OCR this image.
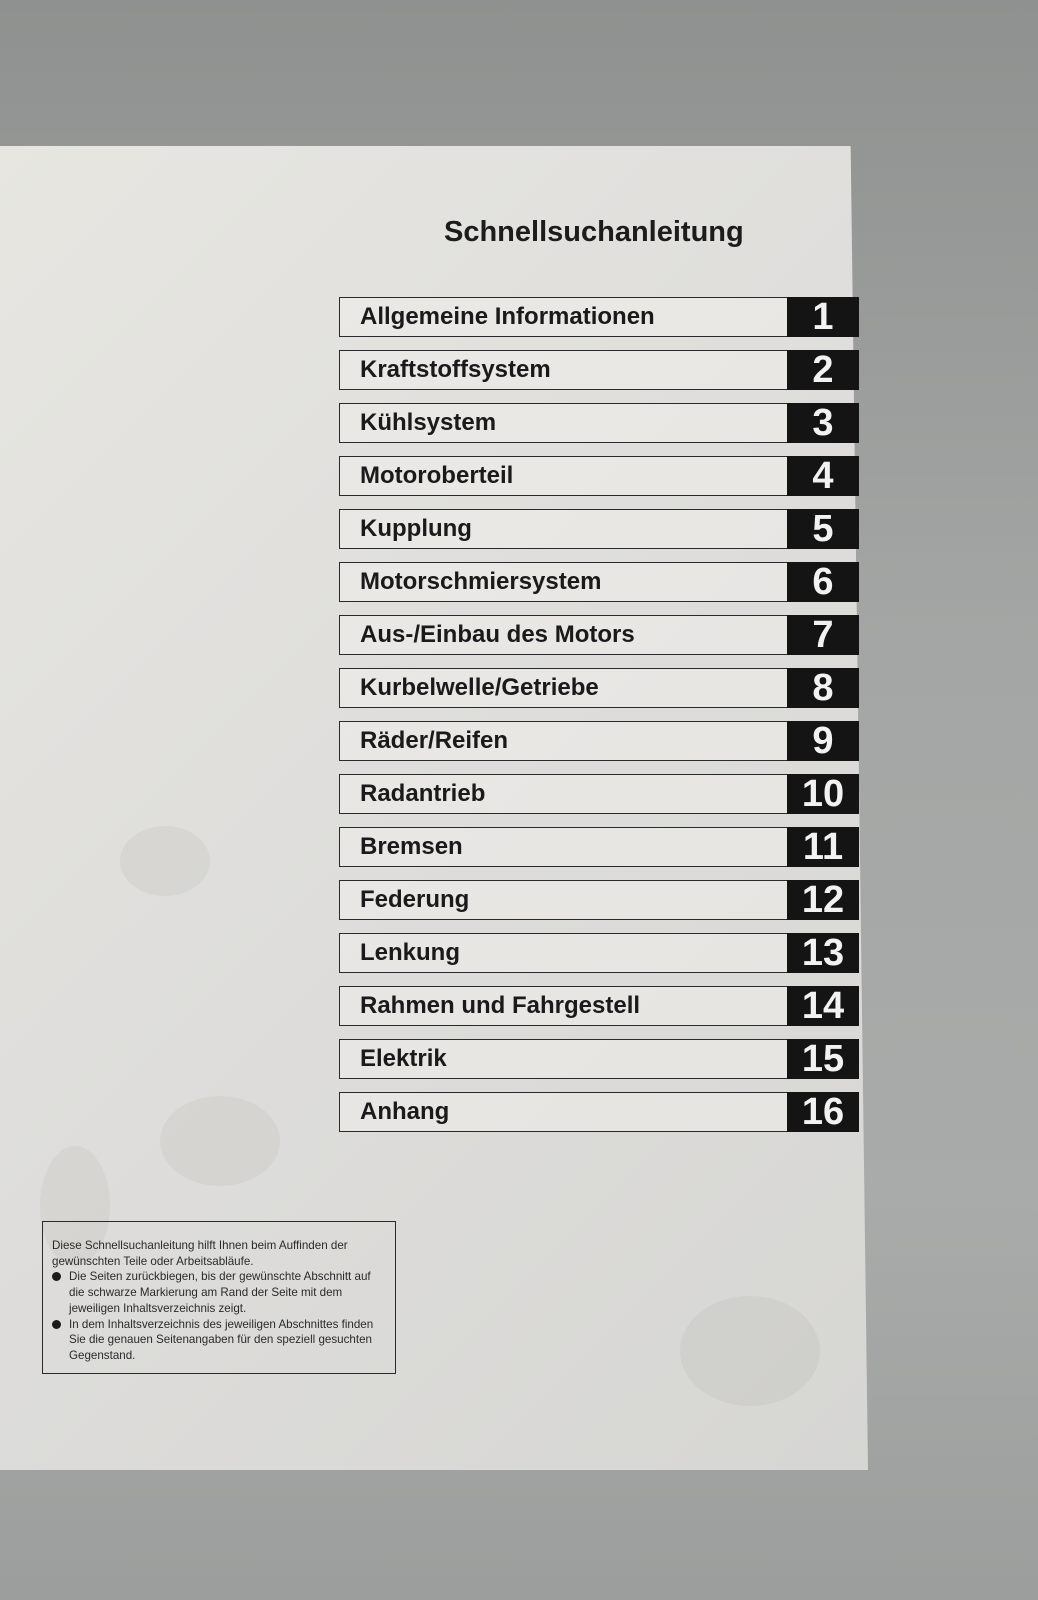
Schnellsuchanleitung
Allgemeine Informationen	1
Kraftstoffsystem	2
Kühlsystem	3
Motoroberteil	4
Kupplung	5
Motorschmiersystem	6
Aus-/Einbau des Motors	7
Kurbelwelle/Getriebe	8
Räder/Reifen	9
Radantrieb	10
Bremsen	11
Federung	12
Lenkung	13
Rahmen und Fahrgestell	14
Elektrik	15
Anhang	16

Diese Schnellsuchanleitung hilft Ihnen beim Auffinden der gewünschten Teile oder Arbeitsabläufe.

Die Seiten zurückbiegen, bis der gewünschte Abschnitt auf die schwarze Markierung am Rand der Seite mit dem jeweiligen Inhaltsverzeichnis zeigt.

In dem Inhaltsverzeichnis des jeweiligen Abschnittes finden Sie die genauen Seitenangaben für den speziell gesuchten Gegenstand.
